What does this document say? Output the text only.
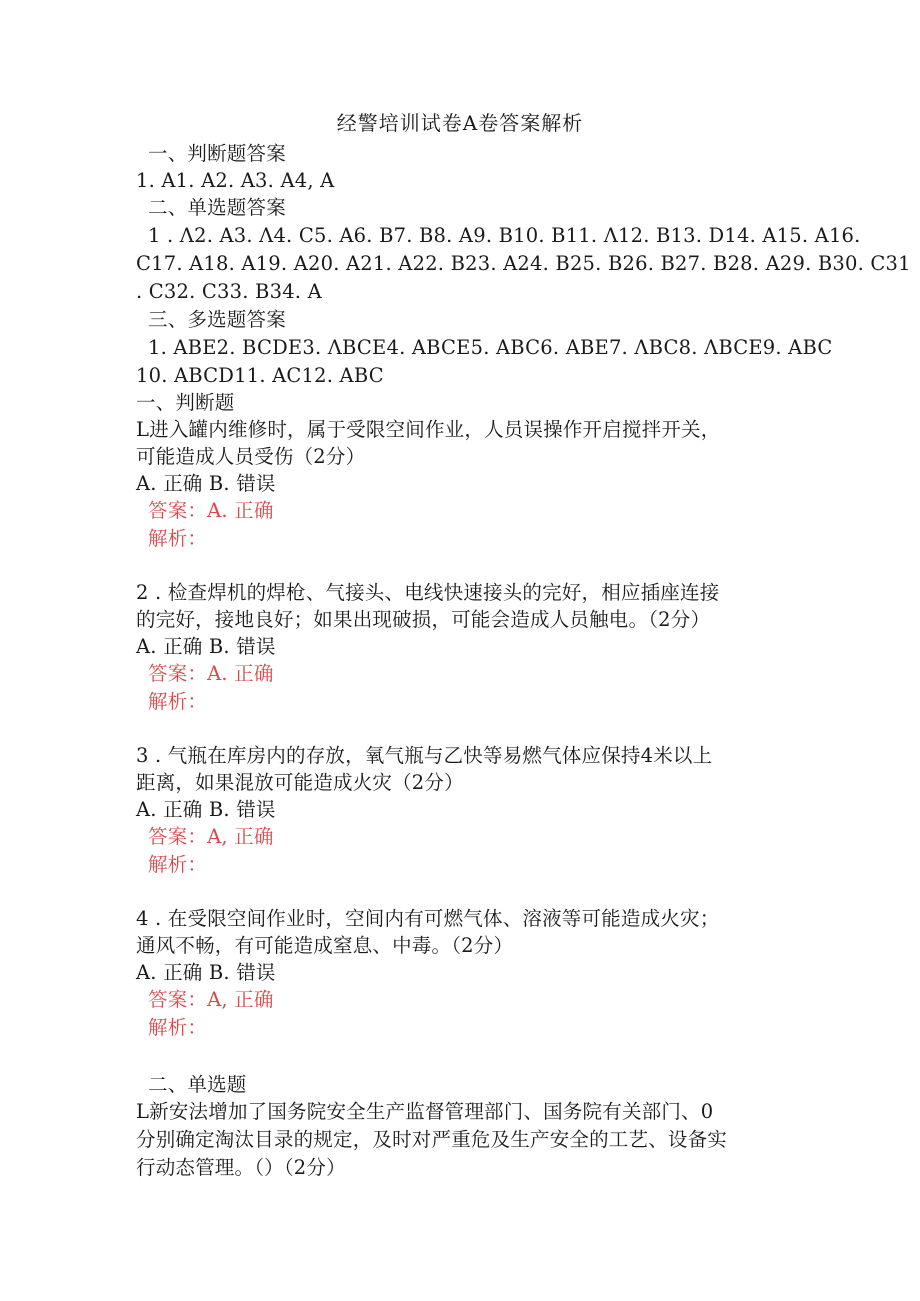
经警培训试卷A卷答案解析
一、判断题答案
1. A1. A2. A3. A4, A
二、单选题答案
1 . Λ2. A3. Λ4. C5. A6. B7. B8. A9. B10. B11. Λ12. B13. D14. A15. A16.
C17. A18. A19. A20. A21. A22. B23. A24. B25. B26. B27. B28. A29. B30. C31
. C32. C33. B34. A
三、多选题答案
1. ABE2. BCDE3. ΛBCE4. ABCE5. ABC6. ABE7. ΛBC8. ΛBCE9. ABC
10. ABCD11. AC12. ABC
一、判断题
L进入罐内维修时，属于受限空间作业，人员误操作开启搅拌开关，
可能造成人员受伤（2分）
A. 正确 B. 错误
答案：A. 正确
解析：
2 . 检查焊机的焊枪、气接头、电线快速接头的完好，相应插座连接
的完好，接地良好；如果出现破损，可能会造成人员触电。（2分）
A. 正确 B. 错误
答案：A. 正确
解析：
3 . 气瓶在库房内的存放，氧气瓶与乙快等易燃气体应保持4米以上
距离，如果混放可能造成火灾（2分）
A. 正确 B. 错误
答案：A, 正确
解析：
4 . 在受限空间作业时，空间内有可燃气体、溶液等可能造成火灾；
通风不畅，有可能造成窒息、中毒。（2分）
A. 正确 B. 错误
答案：A, 正确
解析：
二、单选题
L新安法增加了国务院安全生产监督管理部门、国务院有关部门、0
分别确定淘汰目录的规定，及时对严重危及生产安全的工艺、设备实
行动态管理。（）（2分）
